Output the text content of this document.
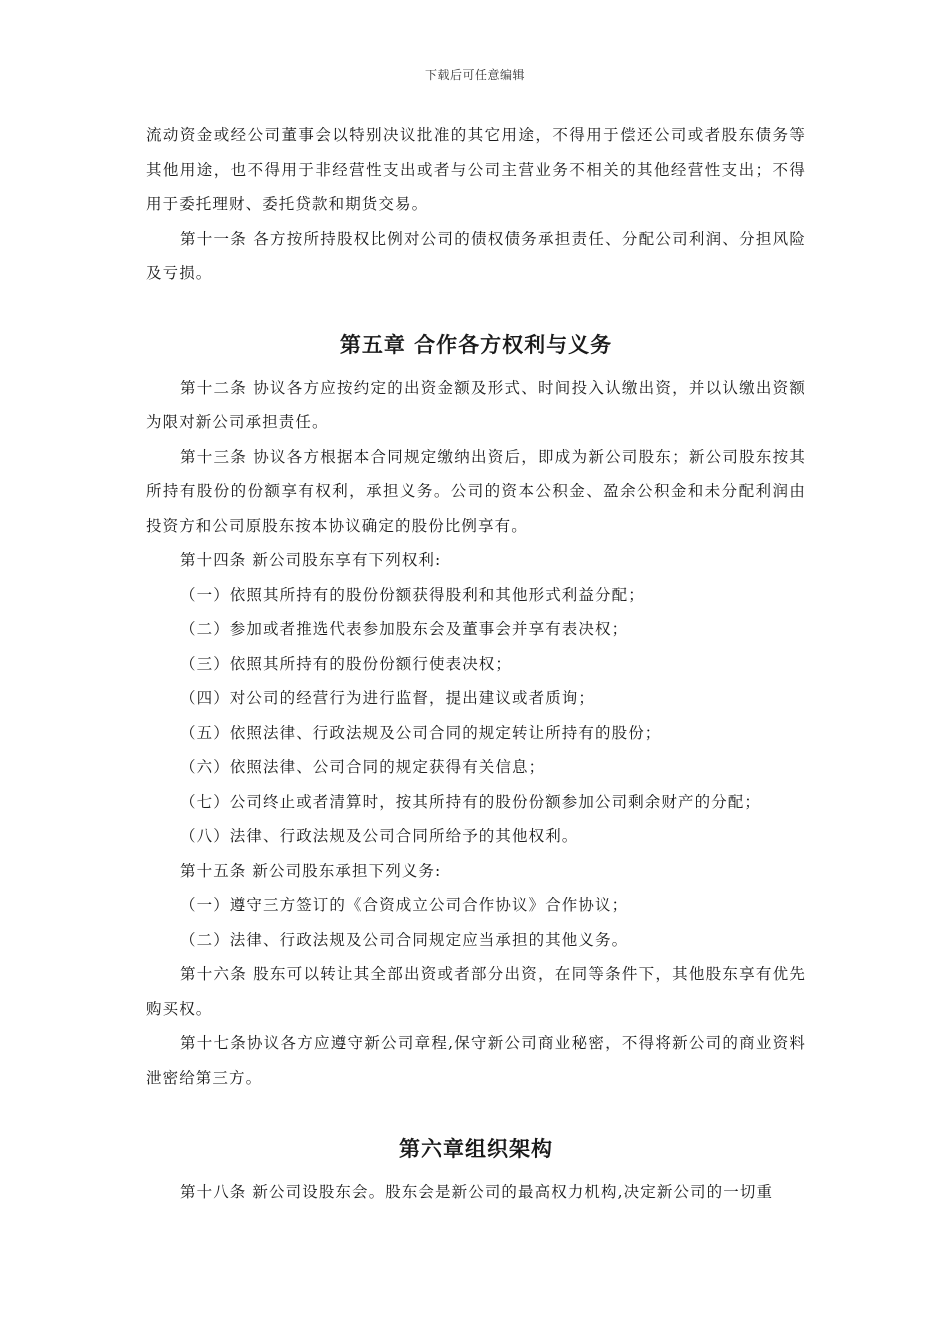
下载后可任意编辑

流动资金或经公司董事会以特别决议批准的其它用途，不得用于偿还公司或者股东债务等其他用途，也不得用于非经营性支出或者与公司主营业务不相关的其他经营性支出；不得用于委托理财、委托贷款和期货交易。

第十一条 各方按所持股权比例对公司的债权债务承担责任、分配公司利润、分担风险及亏损。

第五章 合作各方权利与义务

第十二条 协议各方应按约定的出资金额及形式、时间投入认缴出资，并以认缴出资额为限对新公司承担责任。

第十三条 协议各方根据本合同规定缴纳出资后，即成为新公司股东；新公司股东按其所持有股份的份额享有权利，承担义务。公司的资本公积金、盈余公积金和未分配利润由投资方和公司原股东按本协议确定的股份比例享有。

第十四条 新公司股东享有下列权利:

（一）依照其所持有的股份份额获得股利和其他形式利益分配；

（二）参加或者推选代表参加股东会及董事会并享有表决权；

（三）依照其所持有的股份份额行使表决权；

（四）对公司的经营行为进行监督，提出建议或者质询；

（五）依照法律、行政法规及公司合同的规定转让所持有的股份；

（六）依照法律、公司合同的规定获得有关信息；

（七）公司终止或者清算时，按其所持有的股份份额参加公司剩余财产的分配；

（八）法律、行政法规及公司合同所给予的其他权利。

第十五条 新公司股东承担下列义务:

（一）遵守三方签订的《合资成立公司合作协议》合作协议；

（二）法律、行政法规及公司合同规定应当承担的其他义务。

第十六条 股东可以转让其全部出资或者部分出资，在同等条件下，其他股东享有优先购买权。

第十七条协议各方应遵守新公司章程,保守新公司商业秘密，不得将新公司的商业资料泄密给第三方。

第六章组织架构

第十八条 新公司设股东会。股东会是新公司的最高权力机构,决定新公司的一切重
